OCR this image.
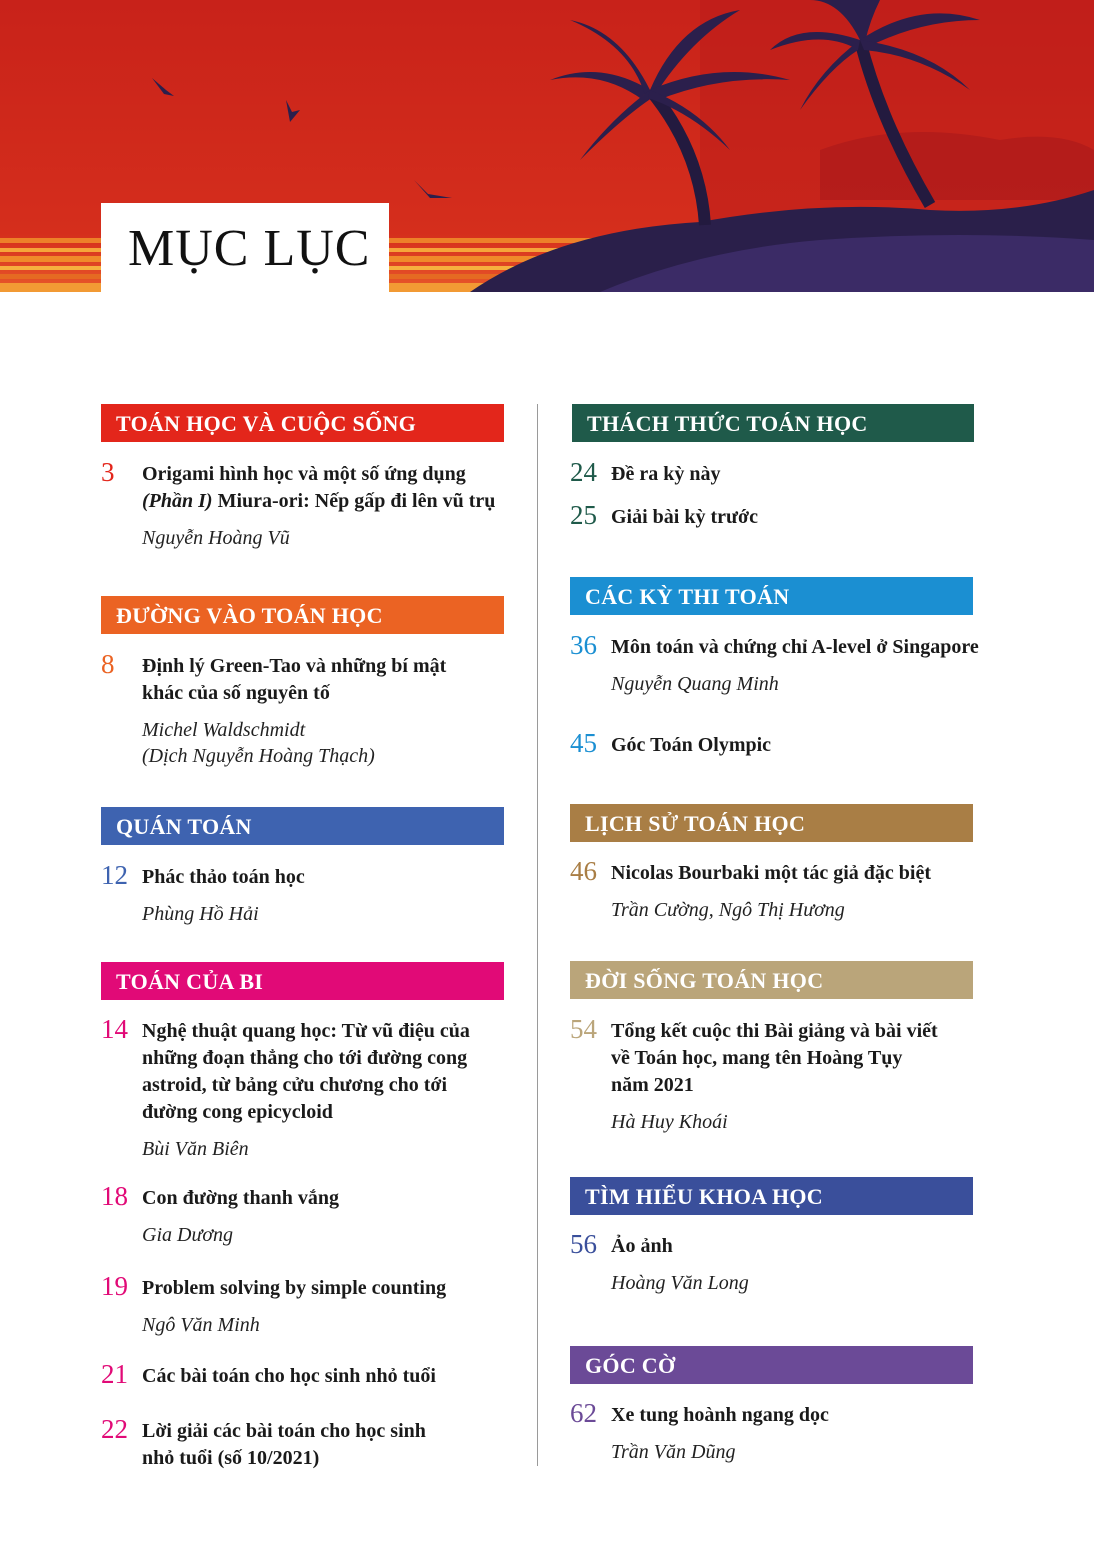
MỤC LỤC
TOÁN HỌC VÀ CUỘC SỐNG
3 Origami hình học và một số ứng dụng
(Phần I) Miura-ori: Nếp gấp đi lên vũ trụ
Nguyễn Hoàng Vũ
ĐƯỜNG VÀO TOÁN HỌC
8 Định lý Green-Tao và những bí mật
khác của số nguyên tố
Michel Waldschmidt
(Dịch Nguyễn Hoàng Thạch)
QUÁN TOÁN
12 Phác thảo toán học
Phùng Hồ Hải
TOÁN CỦA BI
14 Nghệ thuật quang học: Từ vũ điệu của
những đoạn thẳng cho tới đường cong
astroid, từ bảng cửu chương cho tới
đường cong epicycloid
Bùi Văn Biên
18 Con đường thanh vắng
Gia Dương
19 Problem solving by simple counting
Ngô Văn Minh
21 Các bài toán cho học sinh nhỏ tuổi
22 Lời giải các bài toán cho học sinh
nhỏ tuổi (số 10/2021)
THÁCH THỨC TOÁN HỌC
24 Đề ra kỳ này
25 Giải bài kỳ trước
CÁC KỲ THI TOÁN
36 Môn toán và chứng chỉ A-level ở Singapore
Nguyễn Quang Minh
45 Góc Toán Olympic
LỊCH SỬ TOÁN HỌC
46 Nicolas Bourbaki một tác giả đặc biệt
Trần Cường, Ngô Thị Hương
ĐỜI SỐNG TOÁN HỌC
54 Tổng kết cuộc thi Bài giảng và bài viết
về Toán học, mang tên Hoàng Tụy
năm 2021
Hà Huy Khoái
TÌM HIỂU KHOA HỌC
56 Ảo ảnh
Hoàng Văn Long
GÓC CỜ
62 Xe tung hoành ngang dọc
Trần Văn Dũng
